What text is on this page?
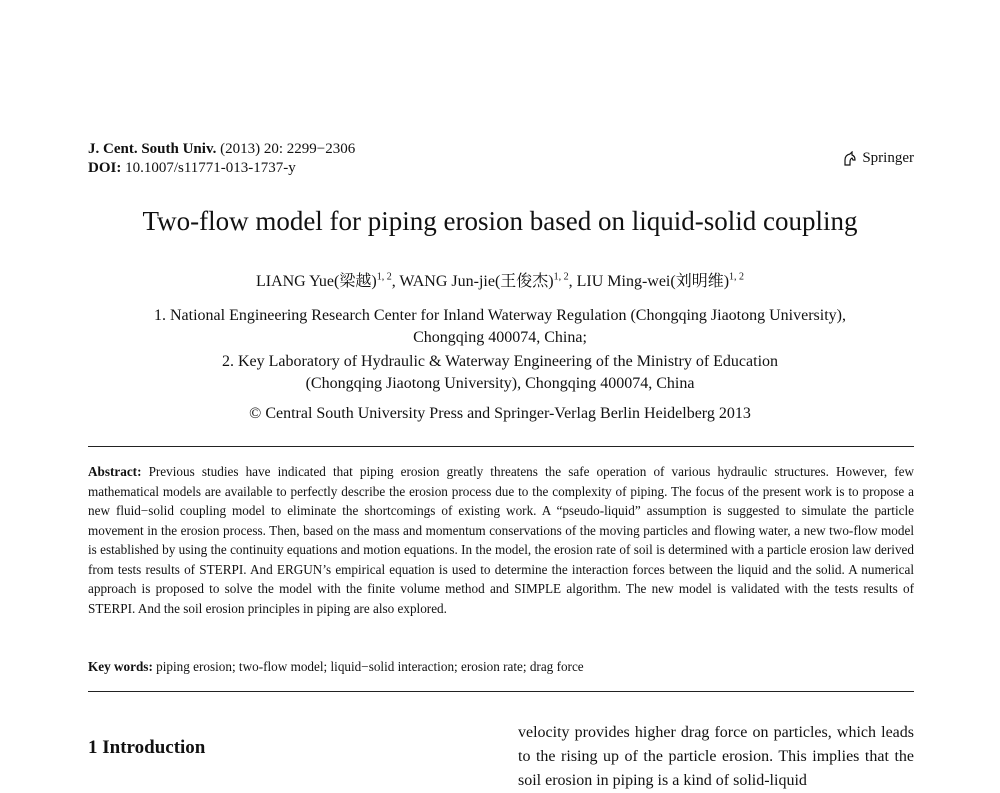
J. Cent. South Univ. (2013) 20: 2299−2306
DOI: 10.1007/s11771-013-1737-y
Springer
Two-flow model for piping erosion based on liquid-solid coupling
LIANG Yue(梁越)$^{1, 2}$, WANG Jun-jie(王俊杰)$^{1, 2}$, LIU Ming-wei(刘明维)$^{1, 2}$
1. National Engineering Research Center for Inland Waterway Regulation (Chongqing Jiaotong University),
Chongqing 400074, China;
2. Key Laboratory of Hydraulic & Waterway Engineering of the Ministry of Education
(Chongqing Jiaotong University), Chongqing 400074, China
© Central South University Press and Springer-Verlag Berlin Heidelberg 2013
Abstract: Previous studies have indicated that piping erosion greatly threatens the safe operation of various hydraulic structures. However, few mathematical models are available to perfectly describe the erosion process due to the complexity of piping. The focus of the present work is to propose a new fluid−solid coupling model to eliminate the shortcomings of existing work. A “pseudo-liquid” assumption is suggested to simulate the particle movement in the erosion process. Then, based on the mass and momentum conservations of the moving particles and flowing water, a new two-flow model is established by using the continuity equations and motion equations. In the model, the erosion rate of soil is determined with a particle erosion law derived from tests results of STERPI. And ERGUN’s empirical equation is used to determine the interaction forces between the liquid and the solid. A numerical approach is proposed to solve the model with the finite volume method and SIMPLE algorithm. The new model is validated with the tests results of STERPI. And the soil erosion principles in piping are also explored.
Key words: piping erosion; two-flow model; liquid−solid interaction; erosion rate; drag force
1 Introduction
velocity provides higher drag force on particles, which leads to the rising up of the particle erosion. This implies that the soil erosion in piping is a kind of solid-liquid
